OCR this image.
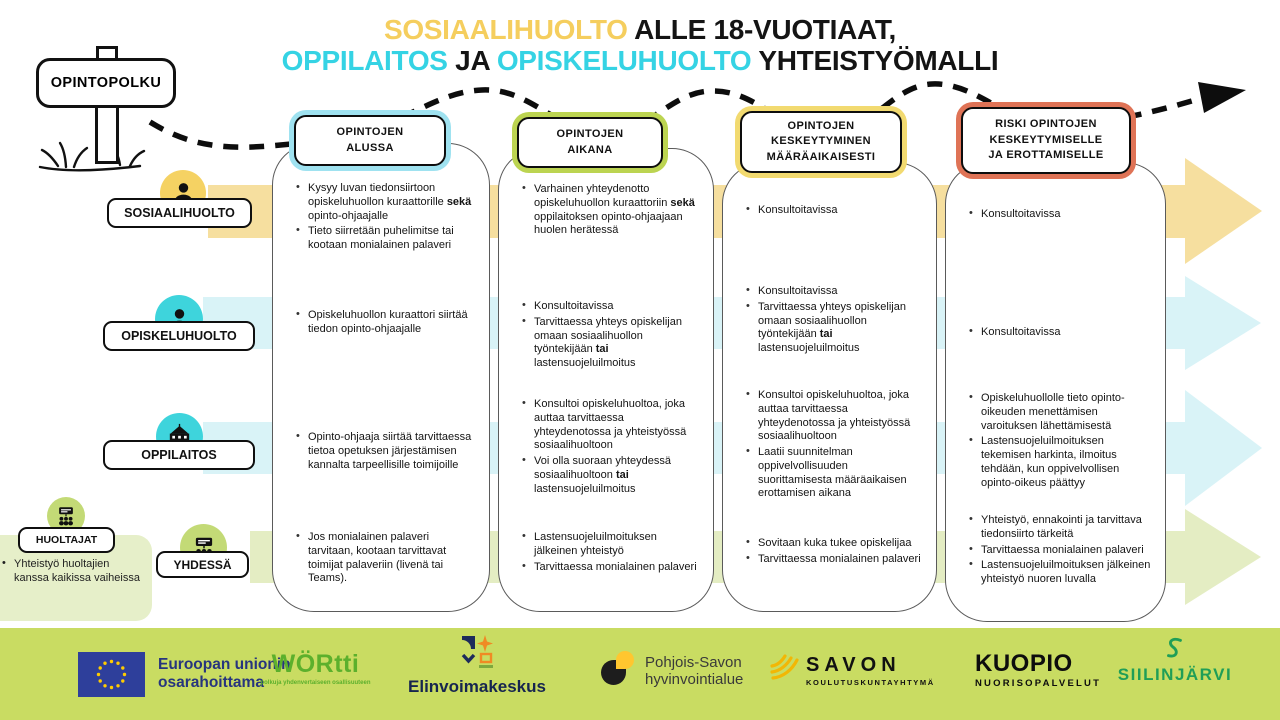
SOSIAALIHUOLTO ALLE 18-VUOTIAAT,
OPPILAITOS JA OPISKELUHUOLTO YHTEISTYÖMALLI
• Yhteistyö huoltajien kanssa kaikissa vaiheissa
• Kysyy luvan tiedonsiirtoon opiskeluhuollon kuraattorille sekä opinto-ohjaajalle
• Tieto siirretään puhelimitse tai kootaan monialainen palaveri
• Opiskeluhuollon kuraattori siirtää tiedon opinto-ohjaajalle
• Opinto-ohjaaja siirtää tarvittaessa tietoa opetuksen järjestämisen kannalta tarpeellisille toimijoille
• Jos monialainen palaveri tarvitaan, kootaan tarvittavat toimijat palaveriin (livenä tai Teams).
• Varhainen yhteydenotto opiskeluhuollon kuraattoriin sekä oppilaitoksen opinto-ohjaajaan huolen herätessä
• Konsultoitavissa
• Tarvittaessa yhteys opiskelijan omaan sosiaalihuollon työntekijään tai lastensuojeluilmoitus
• Konsultoi opiskeluhuoltoa, joka auttaa tarvittaessa yhteydenotossa ja yhteistyössä sosiaalihuoltoon
• Voi olla suoraan yhteydessä sosiaalihuoltoon tai lastensuojeluilmoitus
• Lastensuojeluilmoituksen jälkeinen yhteistyö
• Tarvittaessa monialainen palaveri
• Konsultoitavissa
• Konsultoitavissa
• Tarvittaessa yhteys opiskelijan omaan sosiaalihuollon työntekijään tai lastensuojeluilmoitus
• Konsultoi opiskeluhuoltoa, joka auttaa tarvittaessa yhteydenotossa ja yhteistyössä sosiaalihuoltoon
• Laatii suunnitelman oppivelvollisuuden suorittamisesta määräaikaisen erottamisen aikana
• Sovitaan kuka tukee opiskelijaa
• Tarvittaessa monialainen palaveri
• Konsultoitavissa
• Konsultoitavissa
• Opiskeluhuollolle tieto opinto-oikeuden menettämisen varoituksen lähettämisestä
• Lastensuojeluilmoituksen tekemisen harkinta, ilmoitus tehdään, kun oppivelvollisen opinto-oikeus päättyy
• Yhteistyö, ennakointi ja tarvittava tiedonsiirto tärkeitä
• Tarvittaessa monialainen palaveri
• Lastensuojeluilmoituksen jälkeinen yhteistyö nuoren luvalla
OPINTOJEN
ALUSSA
OPINTOJEN
AIKANA
OPINTOJEN
KESKEYTYMINEN
MÄÄRÄAIKAISESTI
RISKI OPINTOJEN
KESKEYTYMISELLE
JA EROTTAMISELLE
OPINTOPOLKU
SOSIAALIHUOLTO
OPISKELUHUOLTO
OPPILAITOS
HUOLTAJAT
YHDESSÄ
Euroopan unionin
osarahoittama
WÖRtti
polkuja yhdenvertaiseen osallisuuteen	Elinvoimakeskus
Pohjois-Savon
hyvinvointialue
SAVON
KOULUTUSKUNTAYHTYMÄ
KUOPIO
NUORISOPALVELUT SIILINJÄRVI
